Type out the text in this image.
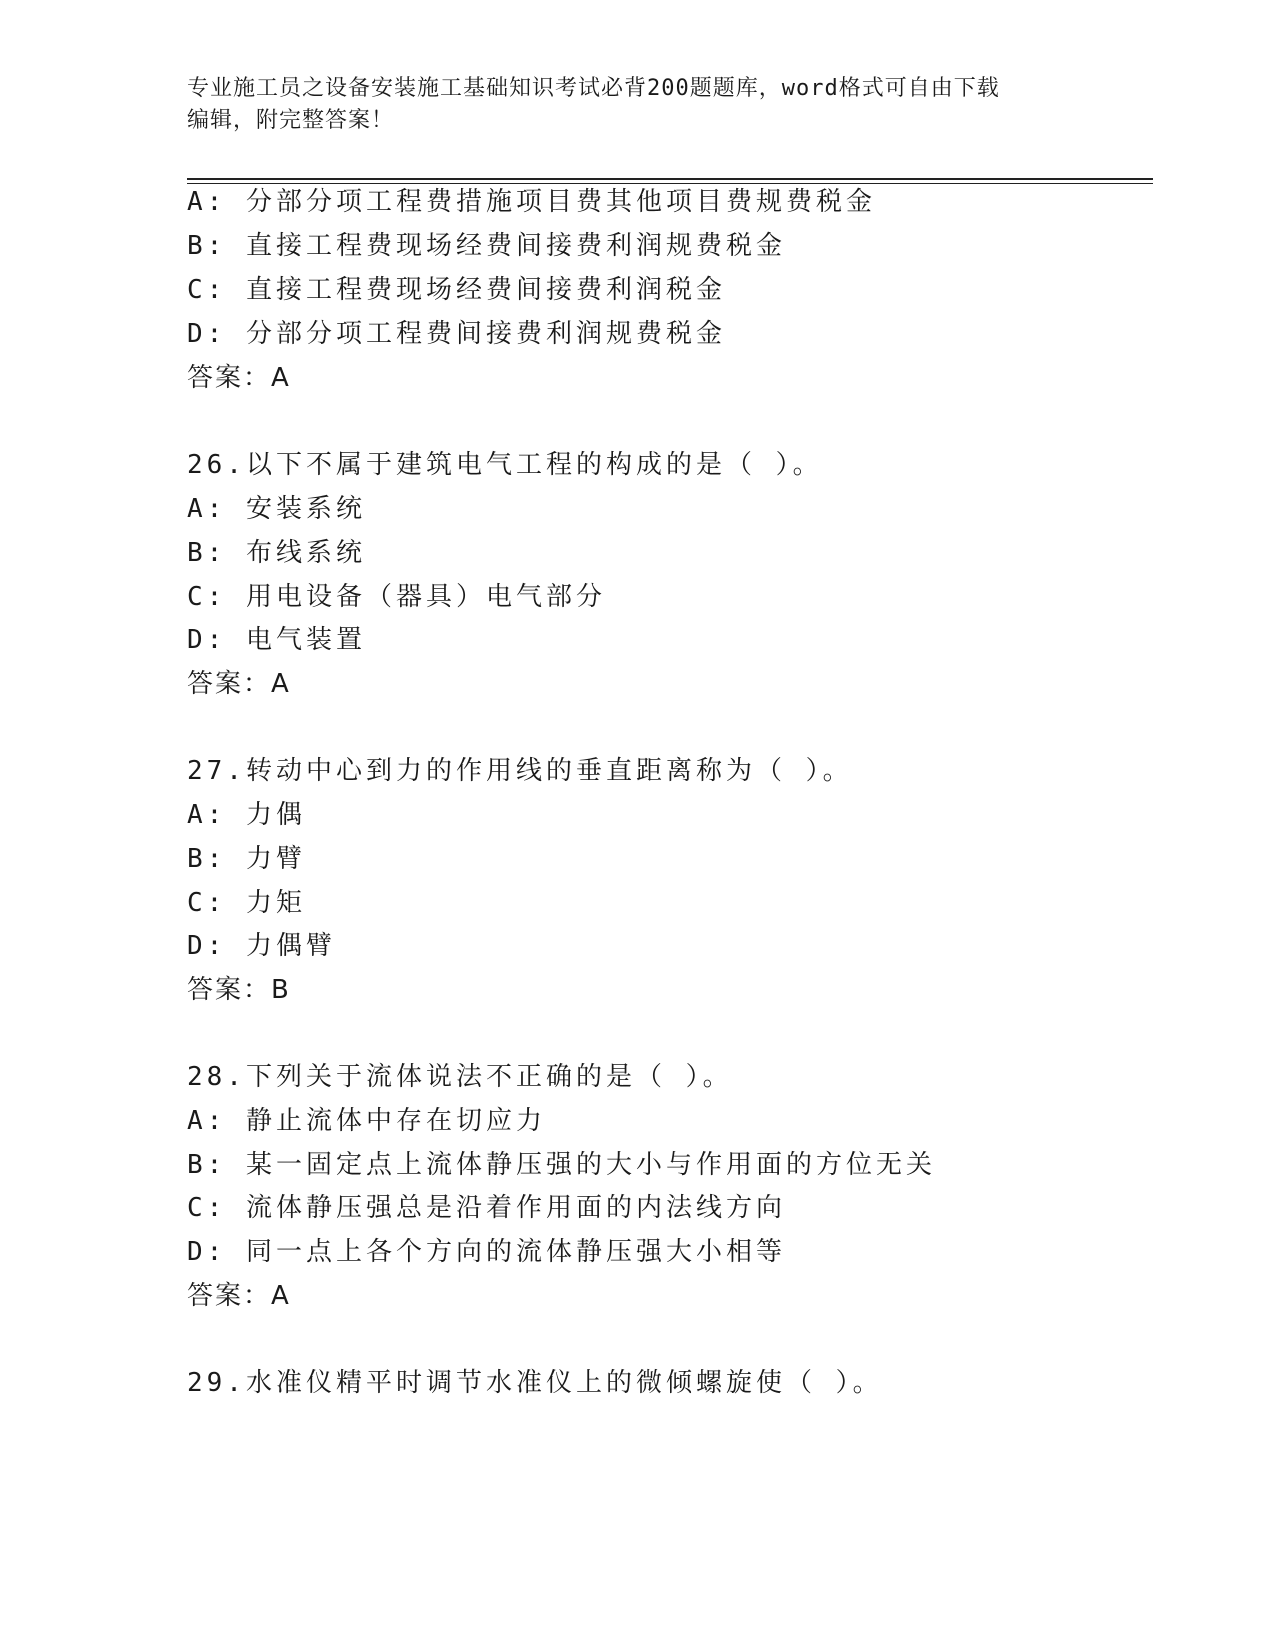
专业施工员之设备安装施工基础知识考试必背200题题库，word格式可自由下载
编辑，附完整答案！
A: 分部分项工程费措施项目费其他项目费规费税金
B: 直接工程费现场经费间接费利润规费税金
C: 直接工程费现场经费间接费利润税金
D: 分部分项工程费间接费利润规费税金
答案：A
26.以下不属于建筑电气工程的构成的是（ ）。
A: 安装系统
B: 布线系统
C: 用电设备（器具）电气部分
D: 电气装置
答案：A
27.转动中心到力的作用线的垂直距离称为（ ）。
A: 力偶
B: 力臂
C: 力矩
D: 力偶臂
答案：B
28.下列关于流体说法不正确的是（ ）。
A: 静止流体中存在切应力
B: 某一固定点上流体静压强的大小与作用面的方位无关
C: 流体静压强总是沿着作用面的内法线方向
D: 同一点上各个方向的流体静压强大小相等
答案：A
29.水准仪精平时调节水准仪上的微倾螺旋使（ ）。
